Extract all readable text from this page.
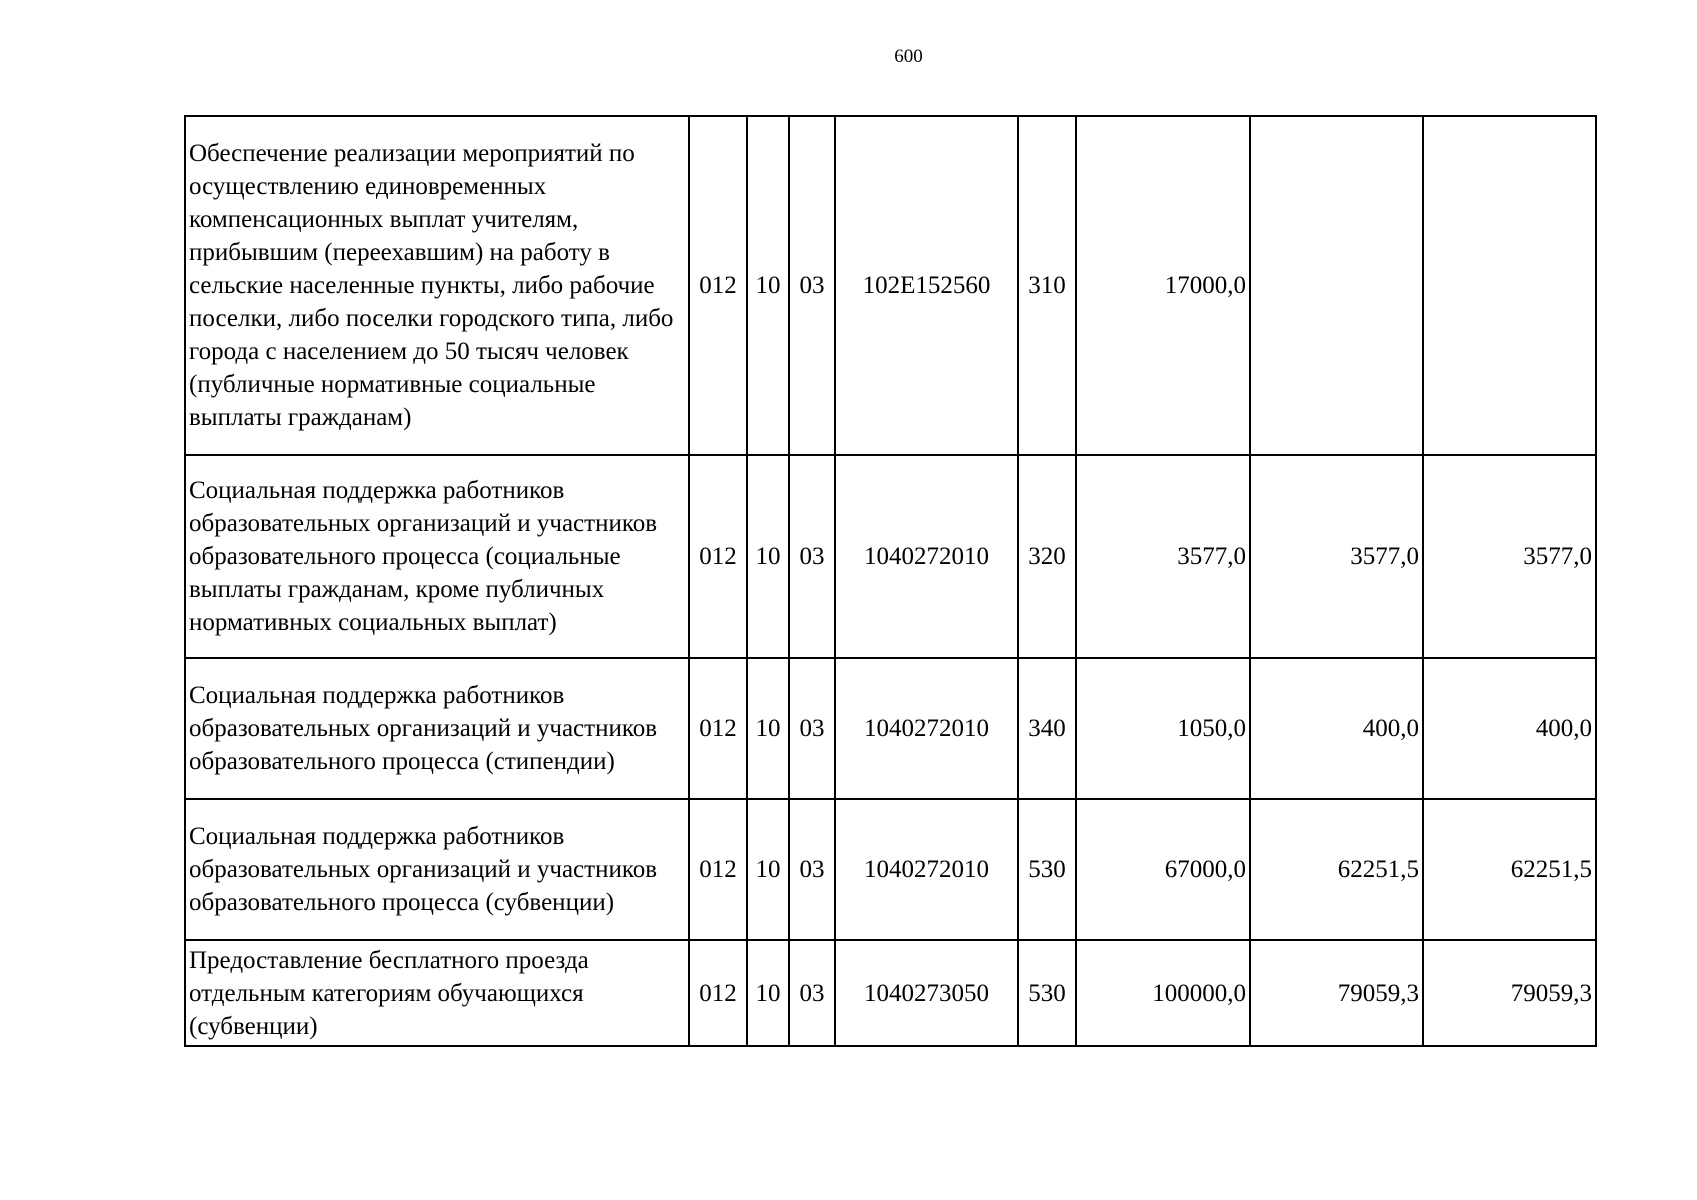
600
Обеспечение реализации мероприятий по осуществлению единовременных компенсационных выплат учителям, прибывшим (переехавшим) на работу в сельские населенные пункты, либо рабочие поселки, либо поселки городского типа, либо города с населением до 50 тысяч человек (публичные нормативные социальные выплаты гражданам)	012	10	03	102E152560	310	17000,0		
Социальная поддержка работников образовательных организаций и участников образовательного процесса (социальные выплаты гражданам, кроме публичных нормативных социальных выплат)	012	10	03	1040272010	320	3577,0	3577,0	3577,0
Социальная поддержка работников образовательных организаций и участников образовательного процесса (стипендии)	012	10	03	1040272010	340	1050,0	400,0	400,0
Социальная поддержка работников образовательных организаций и участников образовательного процесса (субвенции)	012	10	03	1040272010	530	67000,0	62251,5	62251,5
Предоставление бесплатного проезда отдельным категориям обучающихся (субвенции)	012	10	03	1040273050	530	100000,0	79059,3	79059,3
